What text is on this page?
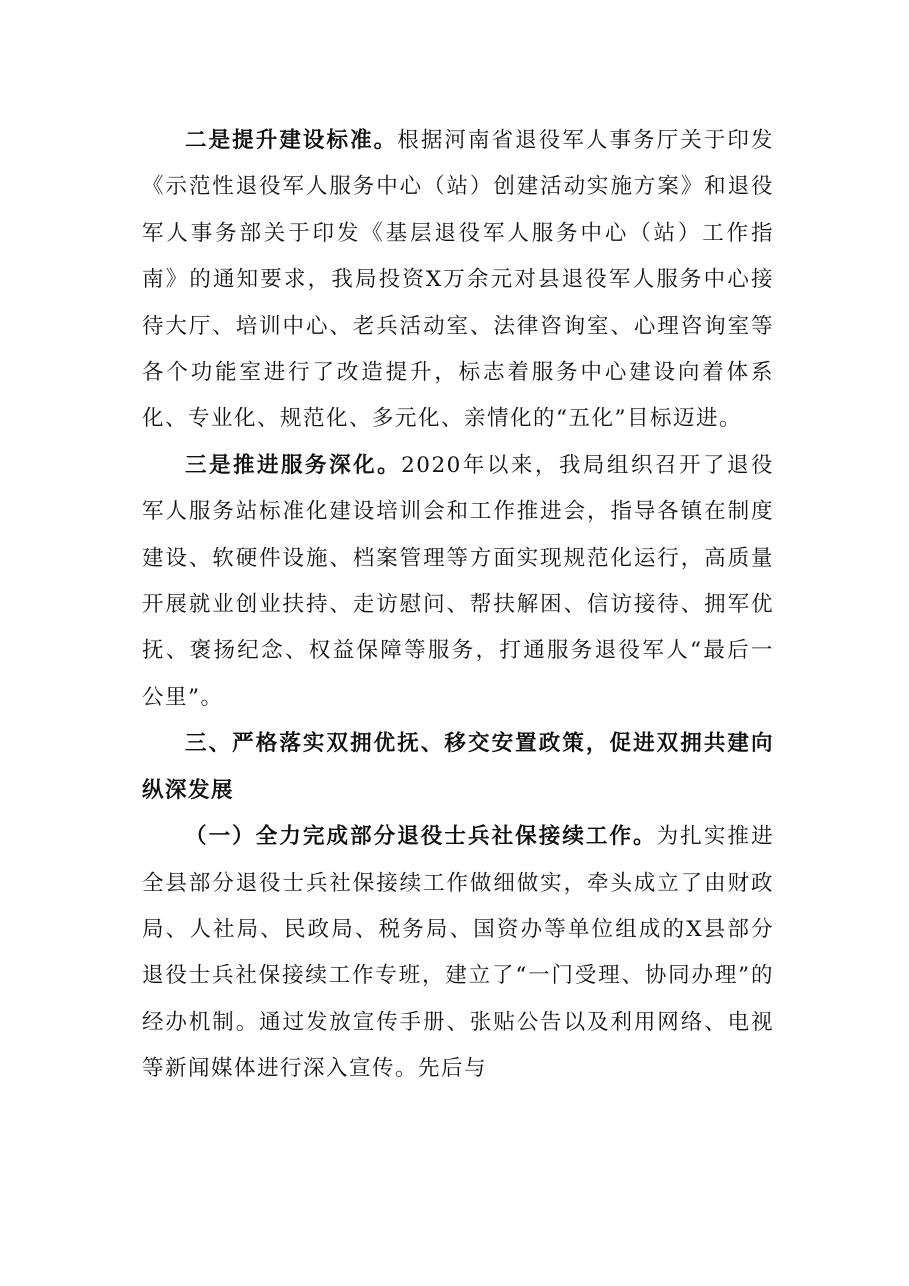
二是提升建设标准。根据河南省退役军人事务厅关于印发《示范性退役军人服务中心（站）创建活动实施方案》和退役军人事务部关于印发《基层退役军人服务中心（站）工作指南》的通知要求，我局投资X万余元对县退役军人服务中心接待大厅、培训中心、老兵活动室、法律咨询室、心理咨询室等各个功能室进行了改造提升，标志着服务中心建设向着体系化、专业化、规范化、多元化、亲情化的“五化”目标迈进。

三是推进服务深化。2020年以来，我局组织召开了退役军人服务站标准化建设培训会和工作推进会，指导各镇在制度建设、软硬件设施、档案管理等方面实现规范化运行，高质量开展就业创业扶持、走访慰问、帮扶解困、信访接待、拥军优抚、褒扬纪念、权益保障等服务，打通服务退役军人“最后一公里”。

三、严格落实双拥优抚、移交安置政策，促进双拥共建向纵深发展

（一）全力完成部分退役士兵社保接续工作。为扎实推进全县部分退役士兵社保接续工作做细做实，牵头成立了由财政局、人社局、民政局、税务局、国资办等单位组成的X县部分退役士兵社保接续工作专班，建立了“一门受理、协同办理”的经办机制。通过发放宣传手册、张贴公告以及利用网络、电视等新闻媒体进行深入宣传。先后与
